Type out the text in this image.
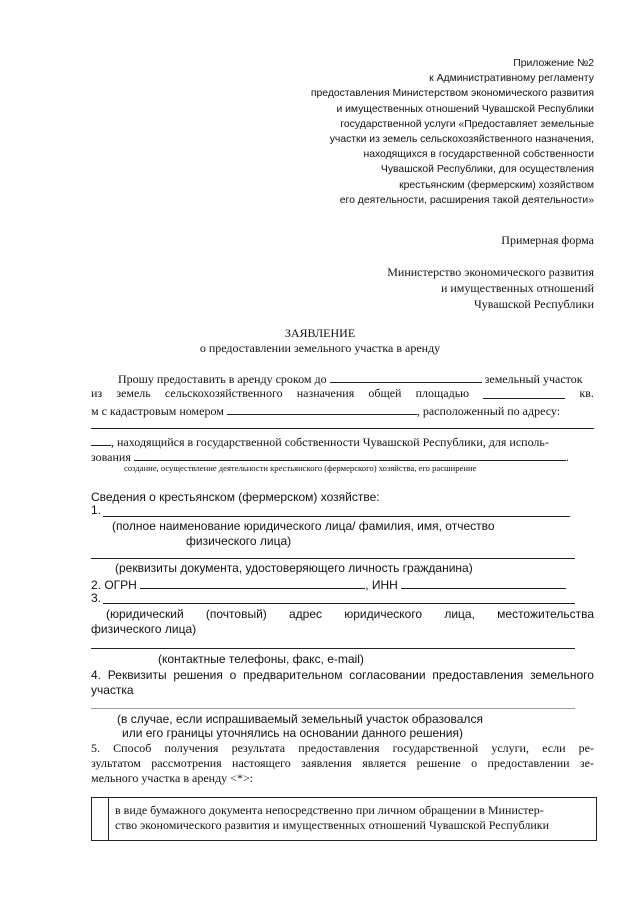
Приложение №2
к Административному регламенту
предоставления Министерством экономического развития
и имущественных отношений Чувашской Республики
государственной услуги «Предоставляет земельные
участки из земель сельскохозяйственного назначения,
находящихся в государственной собственности
Чувашской Республики, для осуществления
крестьянским (фермерским) хозяйством
его деятельности, расширения такой деятельности»
Примерная форма
Министерство экономического развития
и имущественных отношений
Чувашской Республики
ЗАЯВЛЕНИЕ
о предоставлении земельного участка в аренду
Прошу предоставить в аренду сроком до	земельный участок
из земель сельскохозяйственного назначения общей площадью	кв.
м с кадастровым номером	, расположенный по адресу:
, находящийся в государственной собственности Чувашской Республики, для исполь-
зования	.
создание, осуществление деятельности крестьянского (фермерского) хозяйства, его расширение
Сведения о крестьянском (фермерском) хозяйстве:
1.
(полное наименование юридического лица/ фамилия, имя, отчество
физического лица)
(реквизиты документа, удостоверяющего личность гражданина)
2. ОГРН	, ИНН
3.
(юридический (почтовый) адрес юридического лица, местожительства
физического лица)
(контактные телефоны, факс, e-mail)
4. Реквизиты решения о предварительном согласовании предоставления земельного
участка
(в случае, если испрашиваемый земельный участок образовался
или его границы уточнялись на основании данного решения)
5. Способ получения результата предоставления государственной услуги, если ре-
зультатом рассмотрения настоящего заявления является решение о предоставлении зе-
мельного участка в аренду <*>:
в виде бумажного документа непосредственно при личном обращении в Министер-
ство экономического развития и имущественных отношений Чувашской Республики
